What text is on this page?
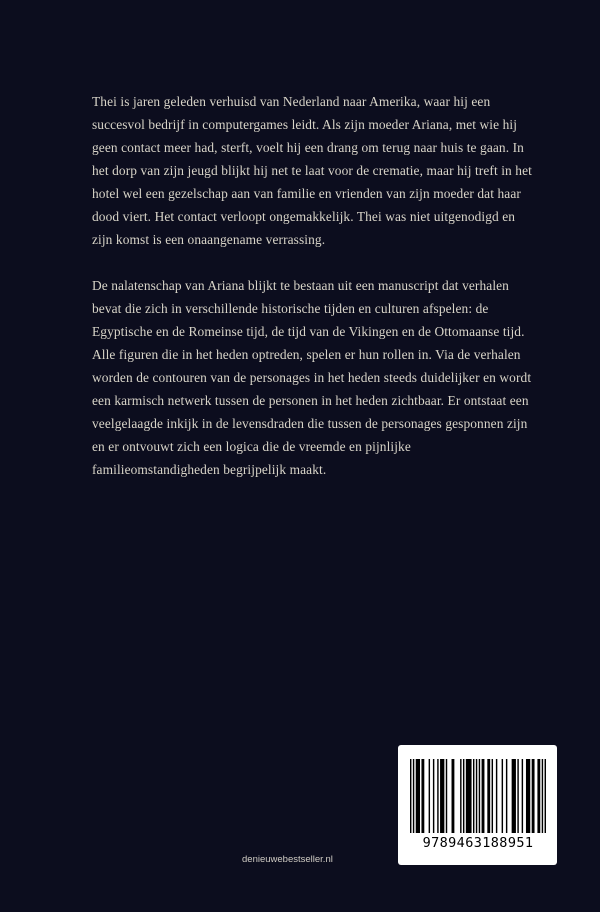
Thei is jaren geleden verhuisd van Nederland naar Amerika, waar hij een succesvol bedrijf in computergames leidt. Als zijn moeder Ariana, met wie hij geen contact meer had, sterft, voelt hij een drang om terug naar huis te gaan. In het dorp van zijn jeugd blijkt hij net te laat voor de crematie, maar hij treft in het hotel wel een gezelschap aan van familie en vrienden van zijn moeder dat haar dood viert. Het contact verloopt ongemakkelijk. Thei was niet uitgenodigd en zijn komst is een onaangename verrassing.

De nalatenschap van Ariana blijkt te bestaan uit een manuscript dat verhalen bevat die zich in verschillende historische tijden en culturen afspelen: de Egyptische en de Romeinse tijd, de tijd van de Vikingen en de Ottomaanse tijd. Alle figuren die in het heden optreden, spelen er hun rollen in. Via de verhalen worden de contouren van de personages in het heden steeds duidelijker en wordt een karmisch netwerk tussen de personen in het heden zichtbaar. Er ontstaat een veelgelaagde inkijk in de levensdraden die tussen de personages gesponnen zijn en er ontvouwt zich een logica die de vreemde en pijnlijke familieomstandigheden begrijpelijk maakt.

9789463188951
denieuwebestseller.nl
